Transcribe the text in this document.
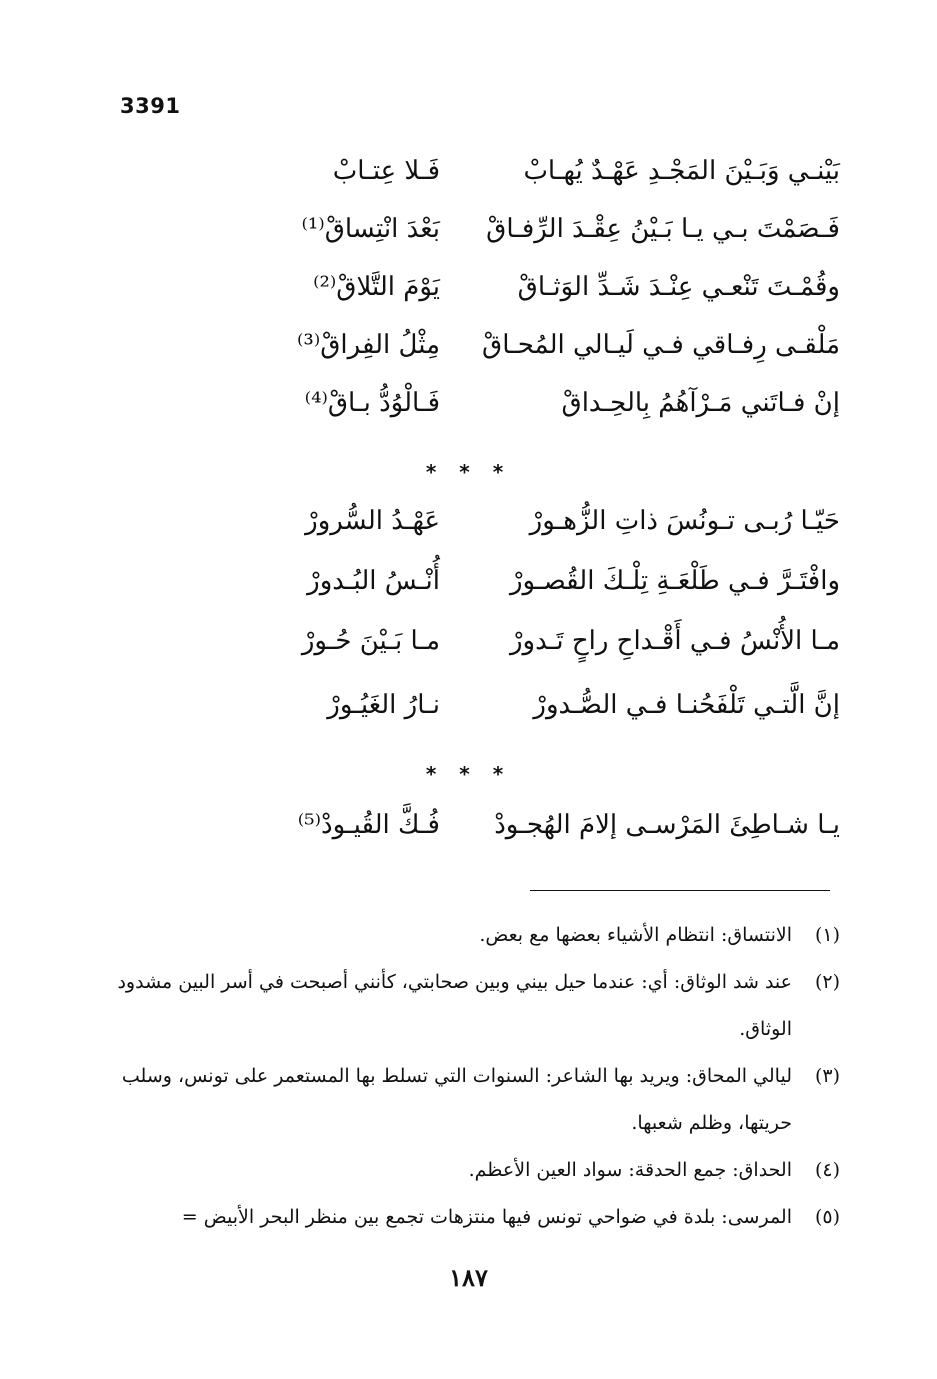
3391
بَيْنـي وَبَـيْنَ المَجْـدِ عَهْـدٌ يُهـابْ
فَـلا عِتـابْ
فَـصَمْتَ بـي يـا بَـيْنُ عِقْـدَ الرِّفـاقْ
بَعْدَ انْتِساقْ⁽¹⁾
وقُمْـتَ تَنْعـي عِنْـدَ شَـدِّ الوَثـاقْ
يَوْمَ التَّلاقْ⁽²⁾
مَلْقـى رِفـاقي فـي لَيـالي المُحـاقْ
مِثْلُ الفِراقْ⁽³⁾
إنْ فـاتَني مَـرْآهُمُ بِالحِـداقْ
فَـالْوُدُّ بـاقْ⁽⁴⁾
حَيّـا رُبـى تـونُسَ ذاتِ الزُّهـورْ
عَهْـدُ السُّرورْ
وافْتَـرَّ فـي طَلْعَـةِ تِلْـكَ القُصـورْ
أُنْـسُ البُـدورْ
مـا الأُنْسُ فـي أَقْـداحِ راحٍ تَـدورْ
مـا بَـيْنَ حُـورْ
إنَّ الَّتـي تَلْفَحُنـا فـي الصُّـدورْ
نـارُ الغَيُـورْ
يـا شـاطِئَ المَرْسـى إلامَ الهُجـودْ
فُـكَّ القُيـودْ⁽⁵⁾
* * *
* * *
(١)
الانتساق: انتظام الأشياء بعضها مع بعض.
(٢)
عند شد الوثاق: أي: عندما حيل بيني وبين صحابتي، كأنني أصبحت في أسر البين مشدود الوثاق.
(٣)
ليالي المحاق: ويريد بها الشاعر: السنوات التي تسلط بها المستعمر على تونس، وسلب حريتها، وظلم شعبها.
(٤)
الحداق: جمع الحدقة: سواد العين الأعظم.
(٥)
المرسى: بلدة في ضواحي تونس فيها منتزهات تجمع بين منظر البحر الأبيض =
١٨٧
